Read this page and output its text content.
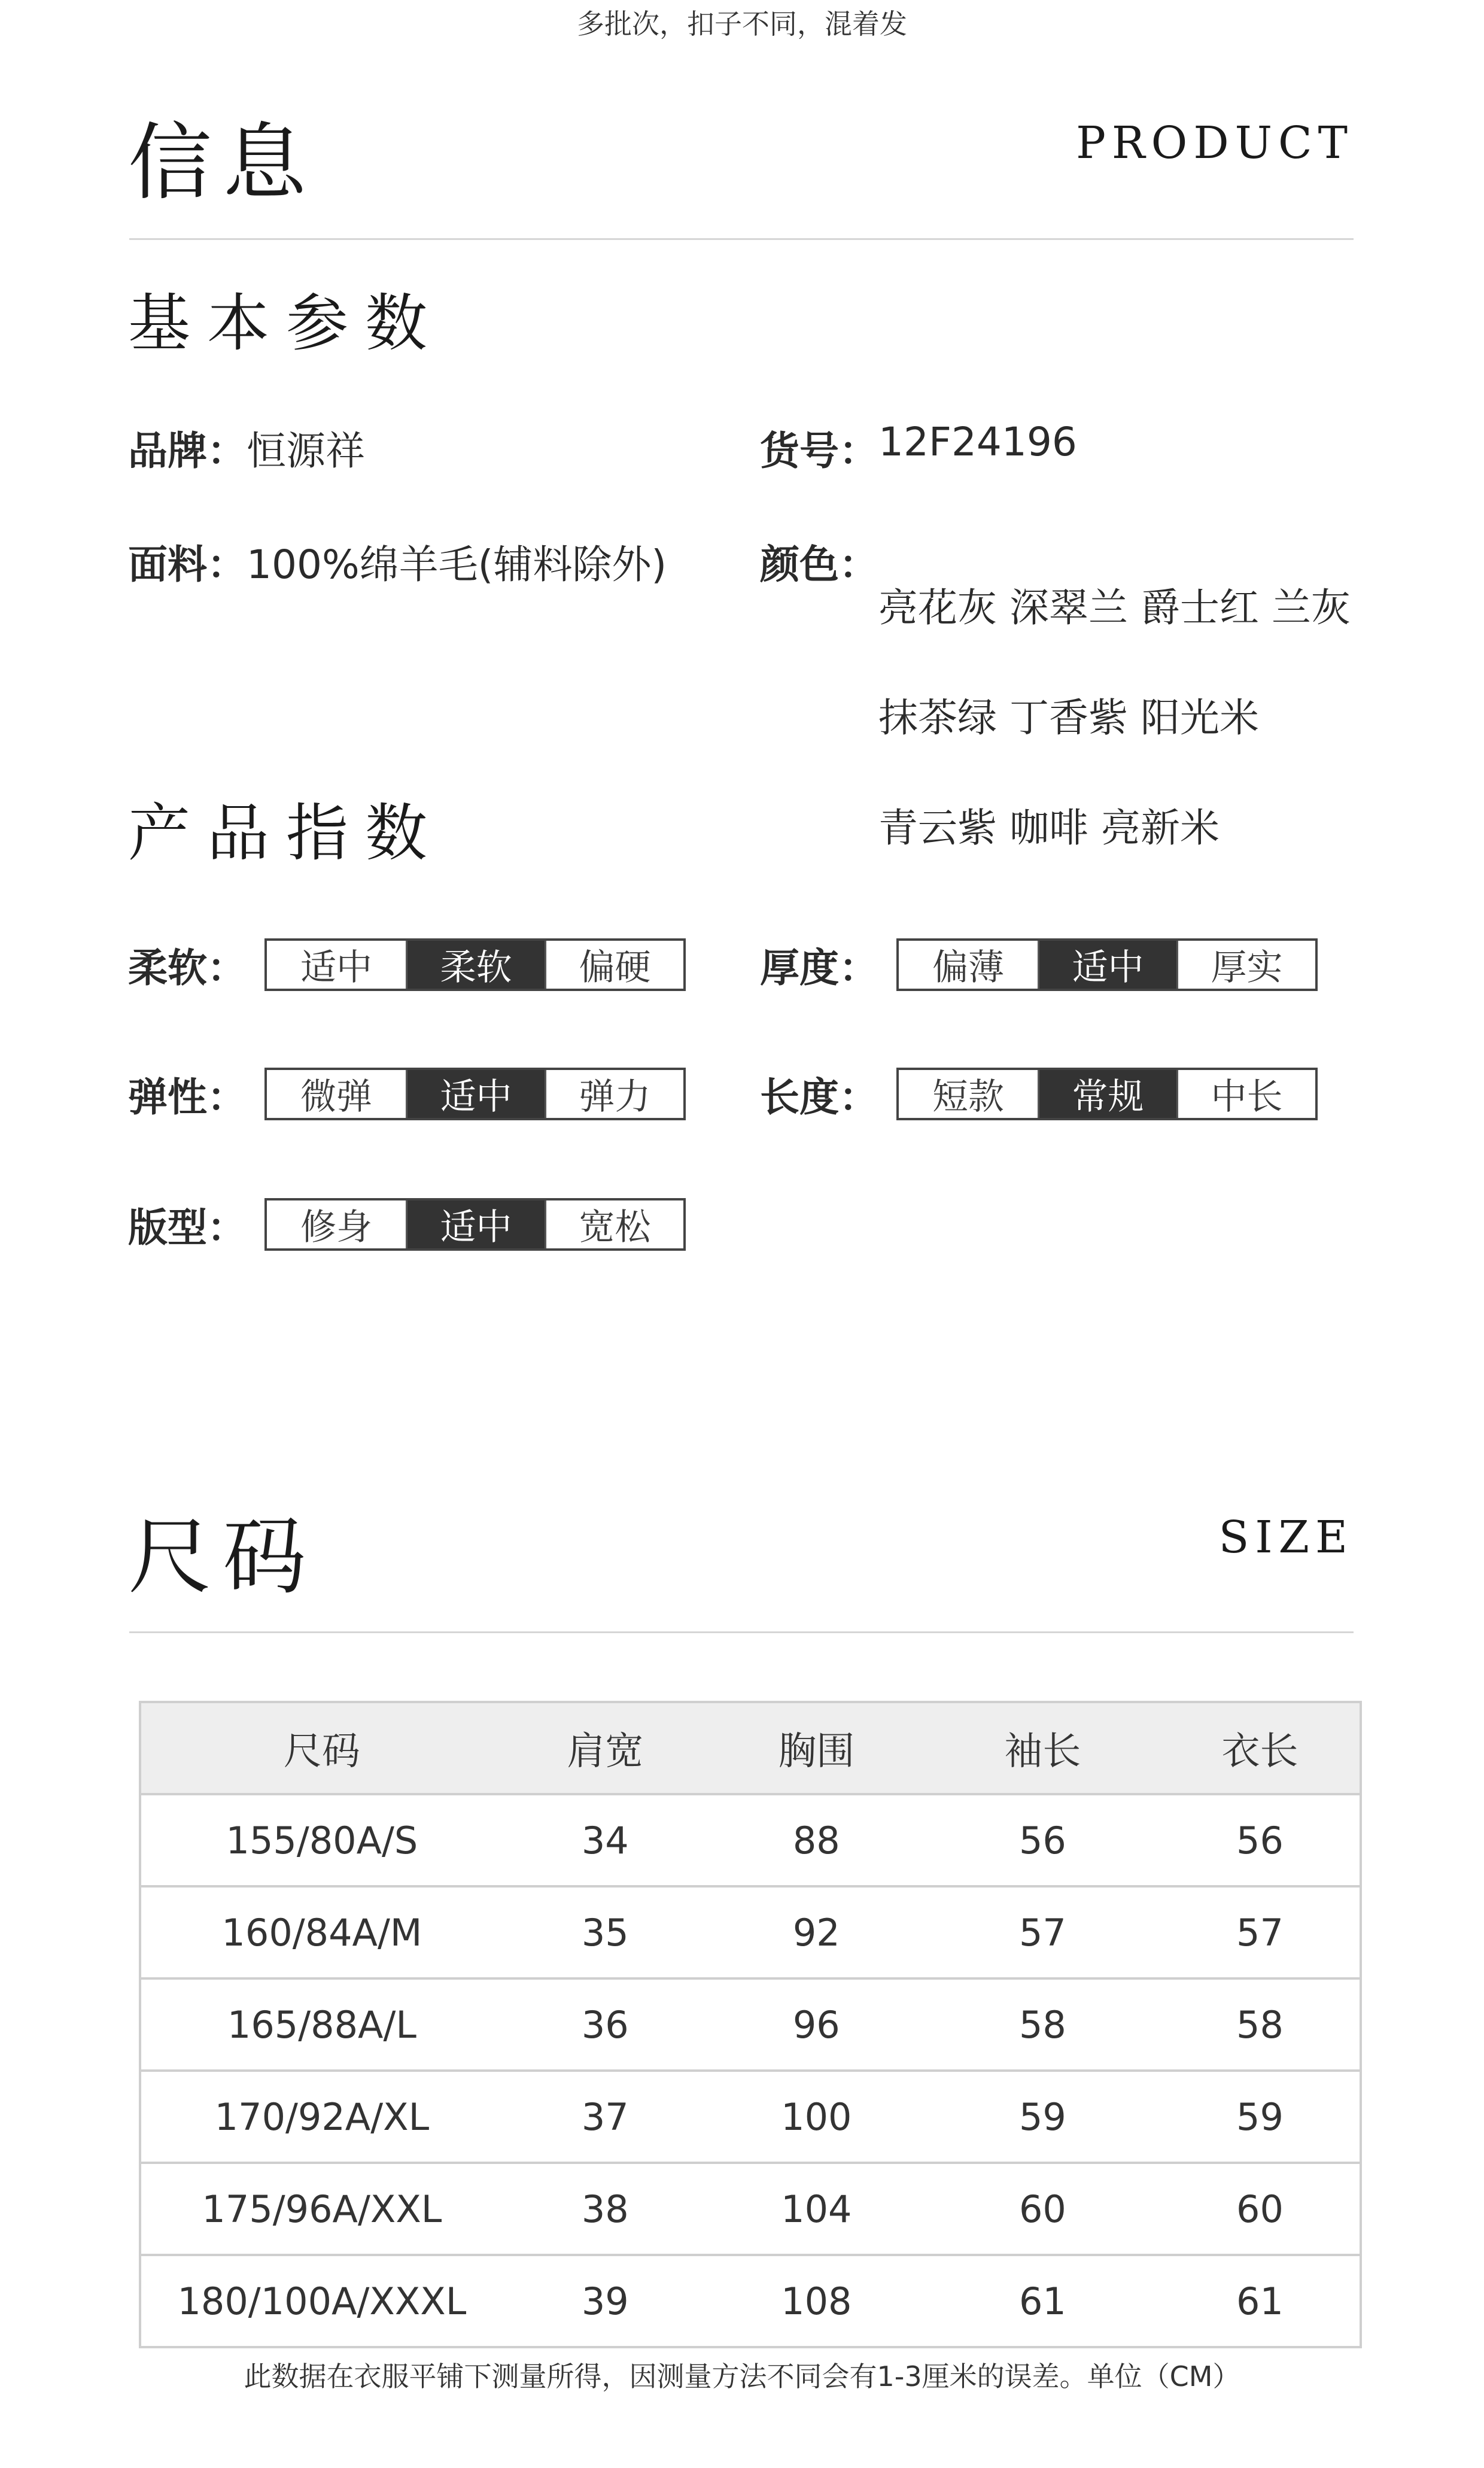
多批次，扣子不同，混着发
信息	PRODUCT
基本参数
品牌： 恒源祥	货号： 12F24196
面料： 100%绵羊毛(辅料除外) 颜色：

亮花灰 深翠兰 爵士红 兰灰

抹茶绿 丁香紫 阳光米

青云紫 咖啡 亮新米

产品指数
柔软：	适中	柔软	偏硬	厚度：	偏薄	适中	厚实
弹性：	微弹	适中	弹力	长度：	短款	常规	中长
版型：	修身	适中	宽松
尺码	SIZE
尺码	肩宽	胸围	袖长	衣长
155/80A/S	34	88	56	56
160/84A/M	35	92	57	57
165/88A/L	36	96	58	58
170/92A/XL	37	100	59	59
175/96A/XXL	38	104	60	60
180/100A/XXXL	39	108	61	61
此数据在衣服平铺下测量所得，因测量方法不同会有1-3厘米的误差。单位（CM）
